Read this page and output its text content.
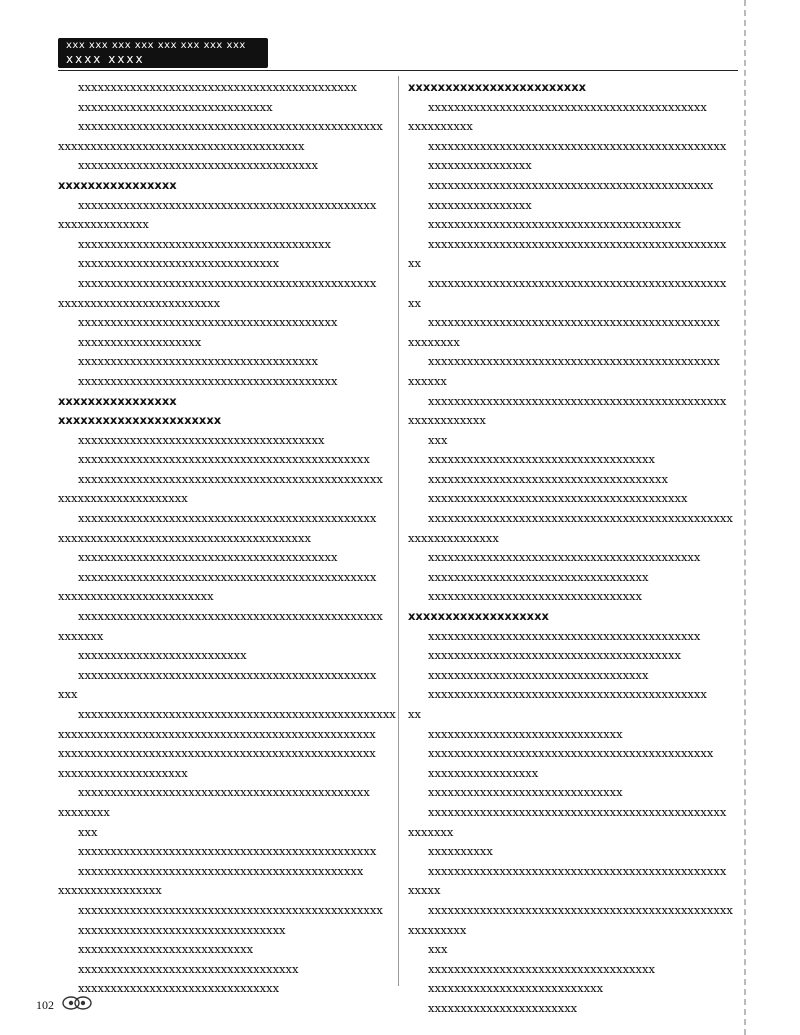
xxx xxx xxx xxx xxx xxx xxx xxx
xxxx xxxx
xxxxxxxxxxxxxxxxxxxxxxxxxxxxxxxxxxxxxxxxxxx
xxxxxxxxxxxxxxxxxxxxxxxxxxxxxx
xxxxxxxxxxxxxxxxxxxxxxxxxxxxxxxxxxxxxxxxxxxxxxx
xxxxxxxxxxxxxxxxxxxxxxxxxxxxxxxxxxxxxx
xxxxxxxxxxxxxxxxxxxxxxxxxxxxxxxxxxxxx
xxxxxxxxxxxxxxxx
xxxxxxxxxxxxxxxxxxxxxxxxxxxxxxxxxxxxxxxxxxxxxx
xxxxxxxxxxxxxx
xxxxxxxxxxxxxxxxxxxxxxxxxxxxxxxxxxxxxxx
xxxxxxxxxxxxxxxxxxxxxxxxxxxxxxx
xxxxxxxxxxxxxxxxxxxxxxxxxxxxxxxxxxxxxxxxxxxxxx
xxxxxxxxxxxxxxxxxxxxxxxxx
xxxxxxxxxxxxxxxxxxxxxxxxxxxxxxxxxxxxxxxx
xxxxxxxxxxxxxxxxxxx
xxxxxxxxxxxxxxxxxxxxxxxxxxxxxxxxxxxxx
xxxxxxxxxxxxxxxxxxxxxxxxxxxxxxxxxxxxxxxx
xxxxxxxxxxxxxxxx
xxxxxxxxxxxxxxxxxxxxxx
xxxxxxxxxxxxxxxxxxxxxxxxxxxxxxxxxxxxxx
xxxxxxxxxxxxxxxxxxxxxxxxxxxxxxxxxxxxxxxxxxxxx
xxxxxxxxxxxxxxxxxxxxxxxxxxxxxxxxxxxxxxxxxxxxxxx
xxxxxxxxxxxxxxxxxxxx
xxxxxxxxxxxxxxxxxxxxxxxxxxxxxxxxxxxxxxxxxxxxxx
xxxxxxxxxxxxxxxxxxxxxxxxxxxxxxxxxxxxxxx
xxxxxxxxxxxxxxxxxxxxxxxxxxxxxxxxxxxxxxxx
xxxxxxxxxxxxxxxxxxxxxxxxxxxxxxxxxxxxxxxxxxxxxx
xxxxxxxxxxxxxxxxxxxxxxxx
xxxxxxxxxxxxxxxxxxxxxxxxxxxxxxxxxxxxxxxxxxxxxxx
xxxxxxx
xxxxxxxxxxxxxxxxxxxxxxxxxx
xxxxxxxxxxxxxxxxxxxxxxxxxxxxxxxxxxxxxxxxxxxxxx
xxx
xxxxxxxxxxxxxxxxxxxxxxxxxxxxxxxxxxxxxxxxxxxxxxxxx
xxxxxxxxxxxxxxxxxxxxxxxxxxxxxxxxxxxxxxxxxxxxxxxxx
xxxxxxxxxxxxxxxxxxxxxxxxxxxxxxxxxxxxxxxxxxxxxxxxx
xxxxxxxxxxxxxxxxxxxx
xxxxxxxxxxxxxxxxxxxxxxxxxxxxxxxxxxxxxxxxxxxxx
xxxxxxxx
xxx
xxxxxxxxxxxxxxxxxxxxxxxxxxxxxxxxxxxxxxxxxxxxxx
xxxxxxxxxxxxxxxxxxxxxxxxxxxxxxxxxxxxxxxxxxxx
xxxxxxxxxxxxxxxx
xxxxxxxxxxxxxxxxxxxxxxxxxxxxxxxxxxxxxxxxxxxxxxx
xxxxxxxxxxxxxxxxxxxxxxxxxxxxxxxx
xxxxxxxxxxxxxxxxxxxxxxxxxxx
xxxxxxxxxxxxxxxxxxxxxxxxxxxxxxxxxx
xxxxxxxxxxxxxxxxxxxxxxxxxxxxxxx
xxxxxxxxxxxxxxxxxxxxxxxx
xxxxxxxxxxxxxxxxxxxxxxxxxxxxxxxxxxxxxxxxxxx
xxxxxxxxxx
xxxxxxxxxxxxxxxxxxxxxxxxxxxxxxxxxxxxxxxxxxxxxx
xxxxxxxxxxxxxxxx
xxxxxxxxxxxxxxxxxxxxxxxxxxxxxxxxxxxxxxxxxxxx
xxxxxxxxxxxxxxxx
xxxxxxxxxxxxxxxxxxxxxxxxxxxxxxxxxxxxxxx
xxxxxxxxxxxxxxxxxxxxxxxxxxxxxxxxxxxxxxxxxxxxxx
xx
xxxxxxxxxxxxxxxxxxxxxxxxxxxxxxxxxxxxxxxxxxxxxx
xx
xxxxxxxxxxxxxxxxxxxxxxxxxxxxxxxxxxxxxxxxxxxxx
xxxxxxxx
xxxxxxxxxxxxxxxxxxxxxxxxxxxxxxxxxxxxxxxxxxxxx
xxxxxx
xxxxxxxxxxxxxxxxxxxxxxxxxxxxxxxxxxxxxxxxxxxxxx
xxxxxxxxxxxx
xxx
xxxxxxxxxxxxxxxxxxxxxxxxxxxxxxxxxxx
xxxxxxxxxxxxxxxxxxxxxxxxxxxxxxxxxxxxx
xxxxxxxxxxxxxxxxxxxxxxxxxxxxxxxxxxxxxxxx
xxxxxxxxxxxxxxxxxxxxxxxxxxxxxxxxxxxxxxxxxxxxxxx
xxxxxxxxxxxxxx
xxxxxxxxxxxxxxxxxxxxxxxxxxxxxxxxxxxxxxxxxx
xxxxxxxxxxxxxxxxxxxxxxxxxxxxxxxxxx
xxxxxxxxxxxxxxxxxxxxxxxxxxxxxxxxx
xxxxxxxxxxxxxxxxxxx
xxxxxxxxxxxxxxxxxxxxxxxxxxxxxxxxxxxxxxxxxx
xxxxxxxxxxxxxxxxxxxxxxxxxxxxxxxxxxxxxxx
xxxxxxxxxxxxxxxxxxxxxxxxxxxxxxxxxx
xxxxxxxxxxxxxxxxxxxxxxxxxxxxxxxxxxxxxxxxxxx
xx
xxxxxxxxxxxxxxxxxxxxxxxxxxxxxx
xxxxxxxxxxxxxxxxxxxxxxxxxxxxxxxxxxxxxxxxxxxx
xxxxxxxxxxxxxxxxx
xxxxxxxxxxxxxxxxxxxxxxxxxxxxxx
xxxxxxxxxxxxxxxxxxxxxxxxxxxxxxxxxxxxxxxxxxxxxx
xxxxxxx
xxxxxxxxxx
xxxxxxxxxxxxxxxxxxxxxxxxxxxxxxxxxxxxxxxxxxxxxx
xxxxx
xxxxxxxxxxxxxxxxxxxxxxxxxxxxxxxxxxxxxxxxxxxxxxx
xxxxxxxxx
xxx
xxxxxxxxxxxxxxxxxxxxxxxxxxxxxxxxxxx
xxxxxxxxxxxxxxxxxxxxxxxxxxx
xxxxxxxxxxxxxxxxxxxxxxx
102
